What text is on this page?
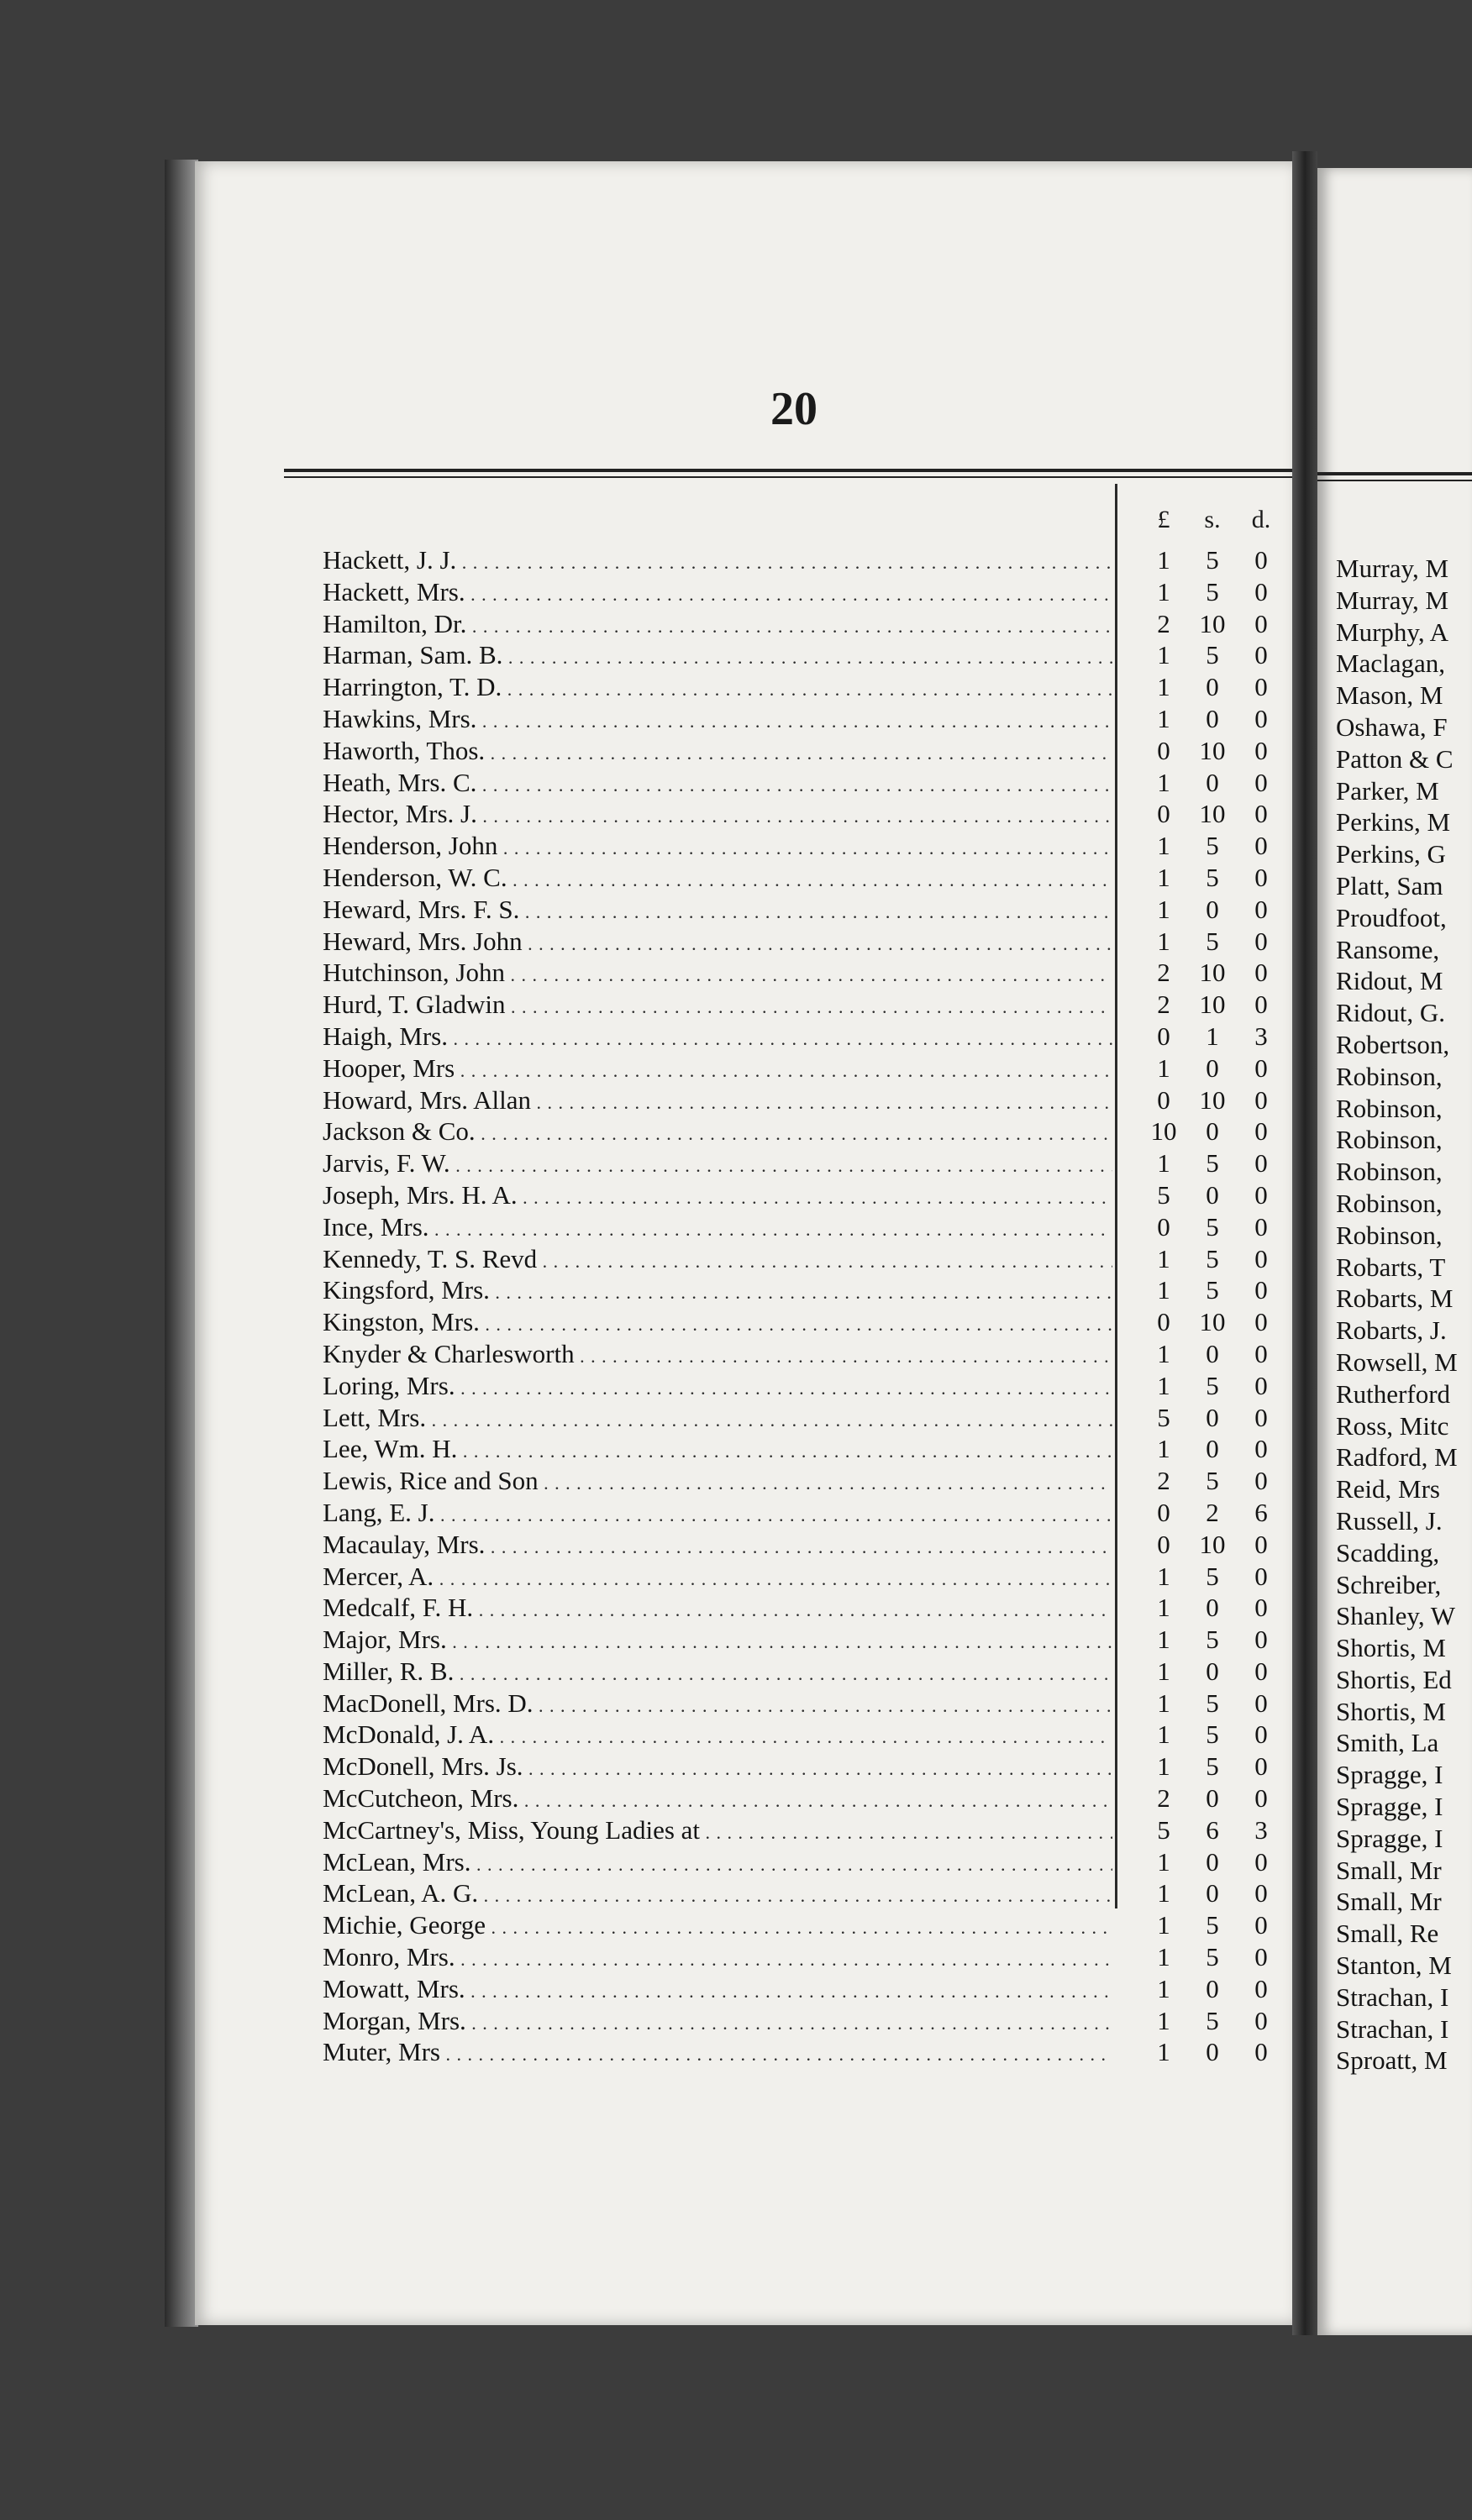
20
£	s.	d.
Hackett, J. J. . . .	1	5	0
Hackett, Mrs. . . .	1	5	0
Hamilton, Dr. . . .	2	10	0
Harman, Sam. B. . . .	1	5	0
Harrington, T. D. . . .	1	0	0
Hawkins, Mrs. . . .	1	0	0
Haworth, Thos. . . .	0	10	0
Heath, Mrs. C. . . .	1	0	0
Hector, Mrs. J. . . .	0	10	0
Henderson, John . . .	1	5	0
Henderson, W. C. . . .	1	5	0
Heward, Mrs. F. S. . . .	1	0	0
Heward, Mrs. John . . .	1	5	0
Hutchinson, John . . .	2	10	0
Hurd, T. Gladwin . . .	2	10	0
Haigh, Mrs. . . .	0	1	3
Hooper, Mrs . . .	1	0	0
Howard, Mrs. Allan . . .	0	10	0
Jackson & Co. . . .	10	0	0
Jarvis, F. W. . . .	1	5	0
Joseph, Mrs. H. A. . . .	5	0	0
Ince, Mrs. . . .	0	5	0
Kennedy, T. S. Revd . . .	1	5	0
Kingsford, Mrs. . . .	1	5	0
Kingston, Mrs. . . .	0	10	0
Knyder & Charlesworth . . .	1	0	0
Loring, Mrs. . . .	1	5	0
Lett, Mrs. . . .	5	0	0
Lee, Wm. H. . . .	1	0	0
Lewis, Rice and Son . . .	2	5	0
Lang, E. J. . . .	0	2	6
Macaulay, Mrs. . . .	0	10	0
Mercer, A. . . .	1	5	0
Medcalf, F. H. . . .	1	0	0
Major, Mrs. . . .	1	5	0
Miller, R. B. . . .	1	0	0
MacDonell, Mrs. D. . . .	1	5	0
McDonald, J. A. . . .	1	5	0
McDonell, Mrs. Js. . . .	1	5	0
McCutcheon, Mrs. . . .	2	0	0
McCartney's, Miss, Young Ladies at . . .	5	6	3
McLean, Mrs. . . .	1	0	0
McLean, A. G. . . .	1	0	0
Michie, George . . .	1	5	0
Monro, Mrs. . . .	1	5	0
Mowatt, Mrs. . . .	1	0	0
Morgan, Mrs. . . .	1	5	0
Muter, Mrs . . .	1	0	0
Murray, M
Murray, M
Murphy, A
Maclagan,
Mason, M
Oshawa, F
Patton & C
Parker, M
Perkins, M
Perkins, G
Platt, Sam
Proudfoot,
Ransome,
Ridout, M
Ridout, G.
Robertson,
Robinson,
Robinson,
Robinson,
Robinson,
Robinson,
Robinson,
Robarts, T
Robarts, M
Robarts, J.
Rowsell, M
Rutherford
Ross, Mitc
Radford, M
Reid, Mrs
Russell, J.
Scadding,
Schreiber,
Shanley, W
Shortis, M
Shortis, Ed
Shortis, M
Smith, La
Spragge, I
Spragge, I
Spragge, I
Small, Mr
Small, Mr
Small, Re
Stanton, M
Strachan, I
Strachan, I
Sproatt, M
